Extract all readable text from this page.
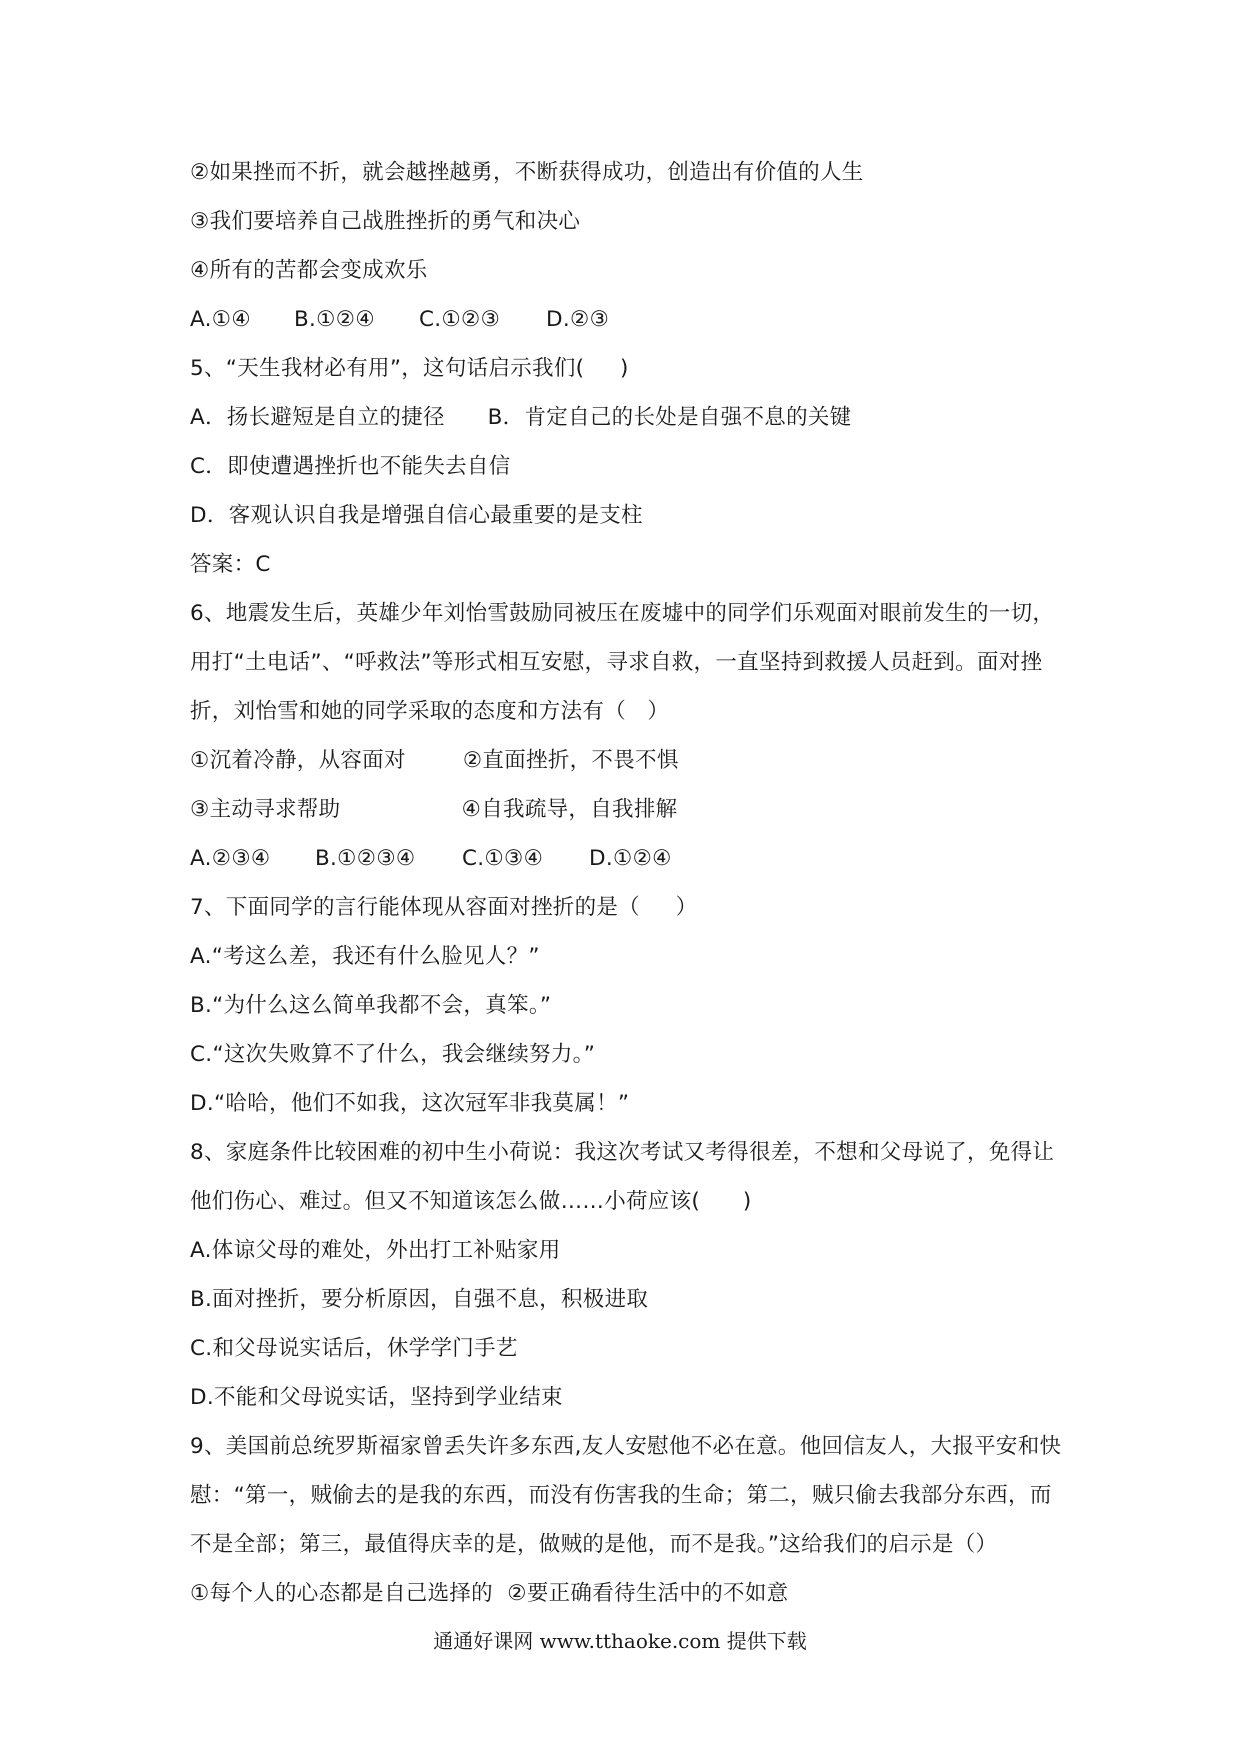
②如果挫而不折，就会越挫越勇，不断获得成功，创造出有价值的人生
③我们要培养自己战胜挫折的勇气和决心
④所有的苦都会变成欢乐
A.①④	B.①②④	C.①②③	D.②③
5、“天生我材必有用”，这句话启示我们(     )
A．扬长避短是自立的捷径      B．肯定自己的长处是自强不息的关键
C．即使遭遇挫折也不能失去自信
D．客观认识自我是增强自信心最重要的是支柱
答案：C
6、地震发生后，英雄少年刘怡雪鼓励同被压在废墟中的同学们乐观面对眼前发生的一切，
用打“土电话”、“呼救法”等形式相互安慰，寻求自救，一直坚持到救援人员赶到。面对挫
折，刘怡雪和她的同学采取的态度和方法有（   ）
①沉着冷静，从容面对        ②直面挫折，不畏不惧
③主动寻求帮助                 ④自我疏导，自我排解
A.②③④	B.①②③④	C.①③④	D.①②④
7、下面同学的言行能体现从容面对挫折的是（     ）
A.“考这么差，我还有什么脸见人？”
B.“为什么这么简单我都不会，真笨。”
C.“这次失败算不了什么，我会继续努力。”
D.“哈哈，他们不如我，这次冠军非我莫属！”
8、家庭条件比较困难的初中生小荷说：我这次考试又考得很差，不想和父母说了，免得让
他们伤心、难过。但又不知道该怎么做……小荷应该(      )
A.体谅父母的难处，外出打工补贴家用
B.面对挫折，要分析原因，自强不息，积极进取
C.和父母说实话后，休学学门手艺
D.不能和父母说实话，坚持到学业结束
9、美国前总统罗斯福家曾丢失许多东西,友人安慰他不必在意。他回信友人，大报平安和快
慰：“第一，贼偷去的是我的东西，而没有伤害我的生命；第二，贼只偷去我部分东西，而
不是全部；第三，最值得庆幸的是，做贼的是他，而不是我。”这给我们的启示是（）
①每个人的心态都是自己选择的  ②要正确看待生活中的不如意
通通好课网 www.tthaoke.com 提供下载
